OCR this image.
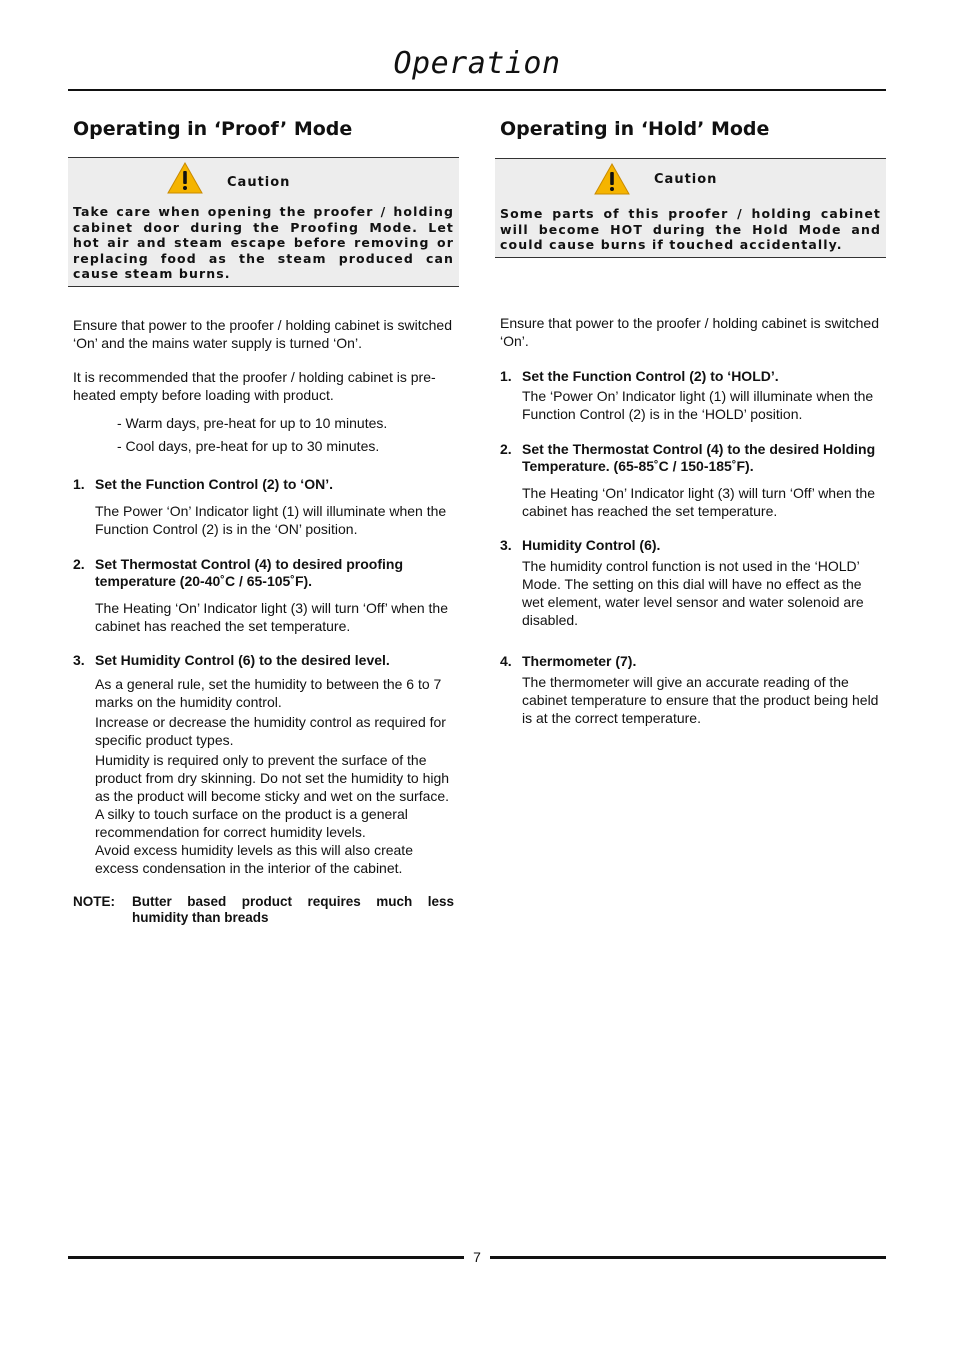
Operation
Operating in ‘Proof’ Mode
Caution
Take care when opening the proofer / holding cabinet door during the Proofing Mode. Let hot air and steam escape before removing or replacing food as the steam produced can cause steam burns.

Ensure that power to the proofer / holding cabinet is switched ‘On’ and the mains water supply is turned ‘On’.

It is recommended that the proofer / holding cabinet is pre-heated empty before loading with product.

- Warm days, pre-heat for up to 10 minutes.

- Cool days, pre-heat for up to 30 minutes.

1. Set the Function Control (2) to ‘ON’.

The Power ‘On’ Indicator light (1) will illuminate when the Function Control (2) is in the ‘ON’ position.

2. Set Thermostat Control (4) to desired proofing temperature (20-40˚C / 65-105˚F).

The Heating ‘On’ Indicator light (3) will turn ‘Off’ when the cabinet has reached the set temperature.

3. Set Humidity Control (6) to the desired level.

As a general rule, set the humidity to between the 6 to 7 marks on the humidity control.

Increase or decrease the humidity control as required for specific product types.

Humidity is required only to prevent the surface of the product from dry skinning. Do not set the humidity to high as the product will become sticky and wet on the surface. A silky to touch surface on the product is a general recommendation for correct humidity levels.

Avoid excess humidity levels as this will also create excess condensation in the interior of the cabinet.

NOTE:	Butter based product requires much less humidity than breads
Operating in ‘Hold’ Mode
Caution
Some parts of this proofer / holding cabinet will become HOT during the Hold Mode and could cause burns if touched accidentally.

Ensure that power to the proofer / holding cabinet is switched ‘On’.

1. Set the Function Control (2) to ‘HOLD’.

The ‘Power On’ Indicator light (1) will illuminate when the Function Control (2) is in the ‘HOLD’ position.

2. Set the Thermostat Control (4) to the desired Holding Temperature. (65-85˚C / 150-185˚F).

The Heating ‘On’ Indicator light (3) will turn ‘Off’ when the cabinet has reached the set temperature.

3. Humidity Control (6).

The humidity control function is not used in the ‘HOLD’ Mode. The setting on this dial will have no effect as the wet element, water level sensor and water solenoid are disabled.

4. Thermometer (7).

The thermometer will give an accurate reading of the cabinet temperature to ensure that the product being held is at the correct temperature.

7
